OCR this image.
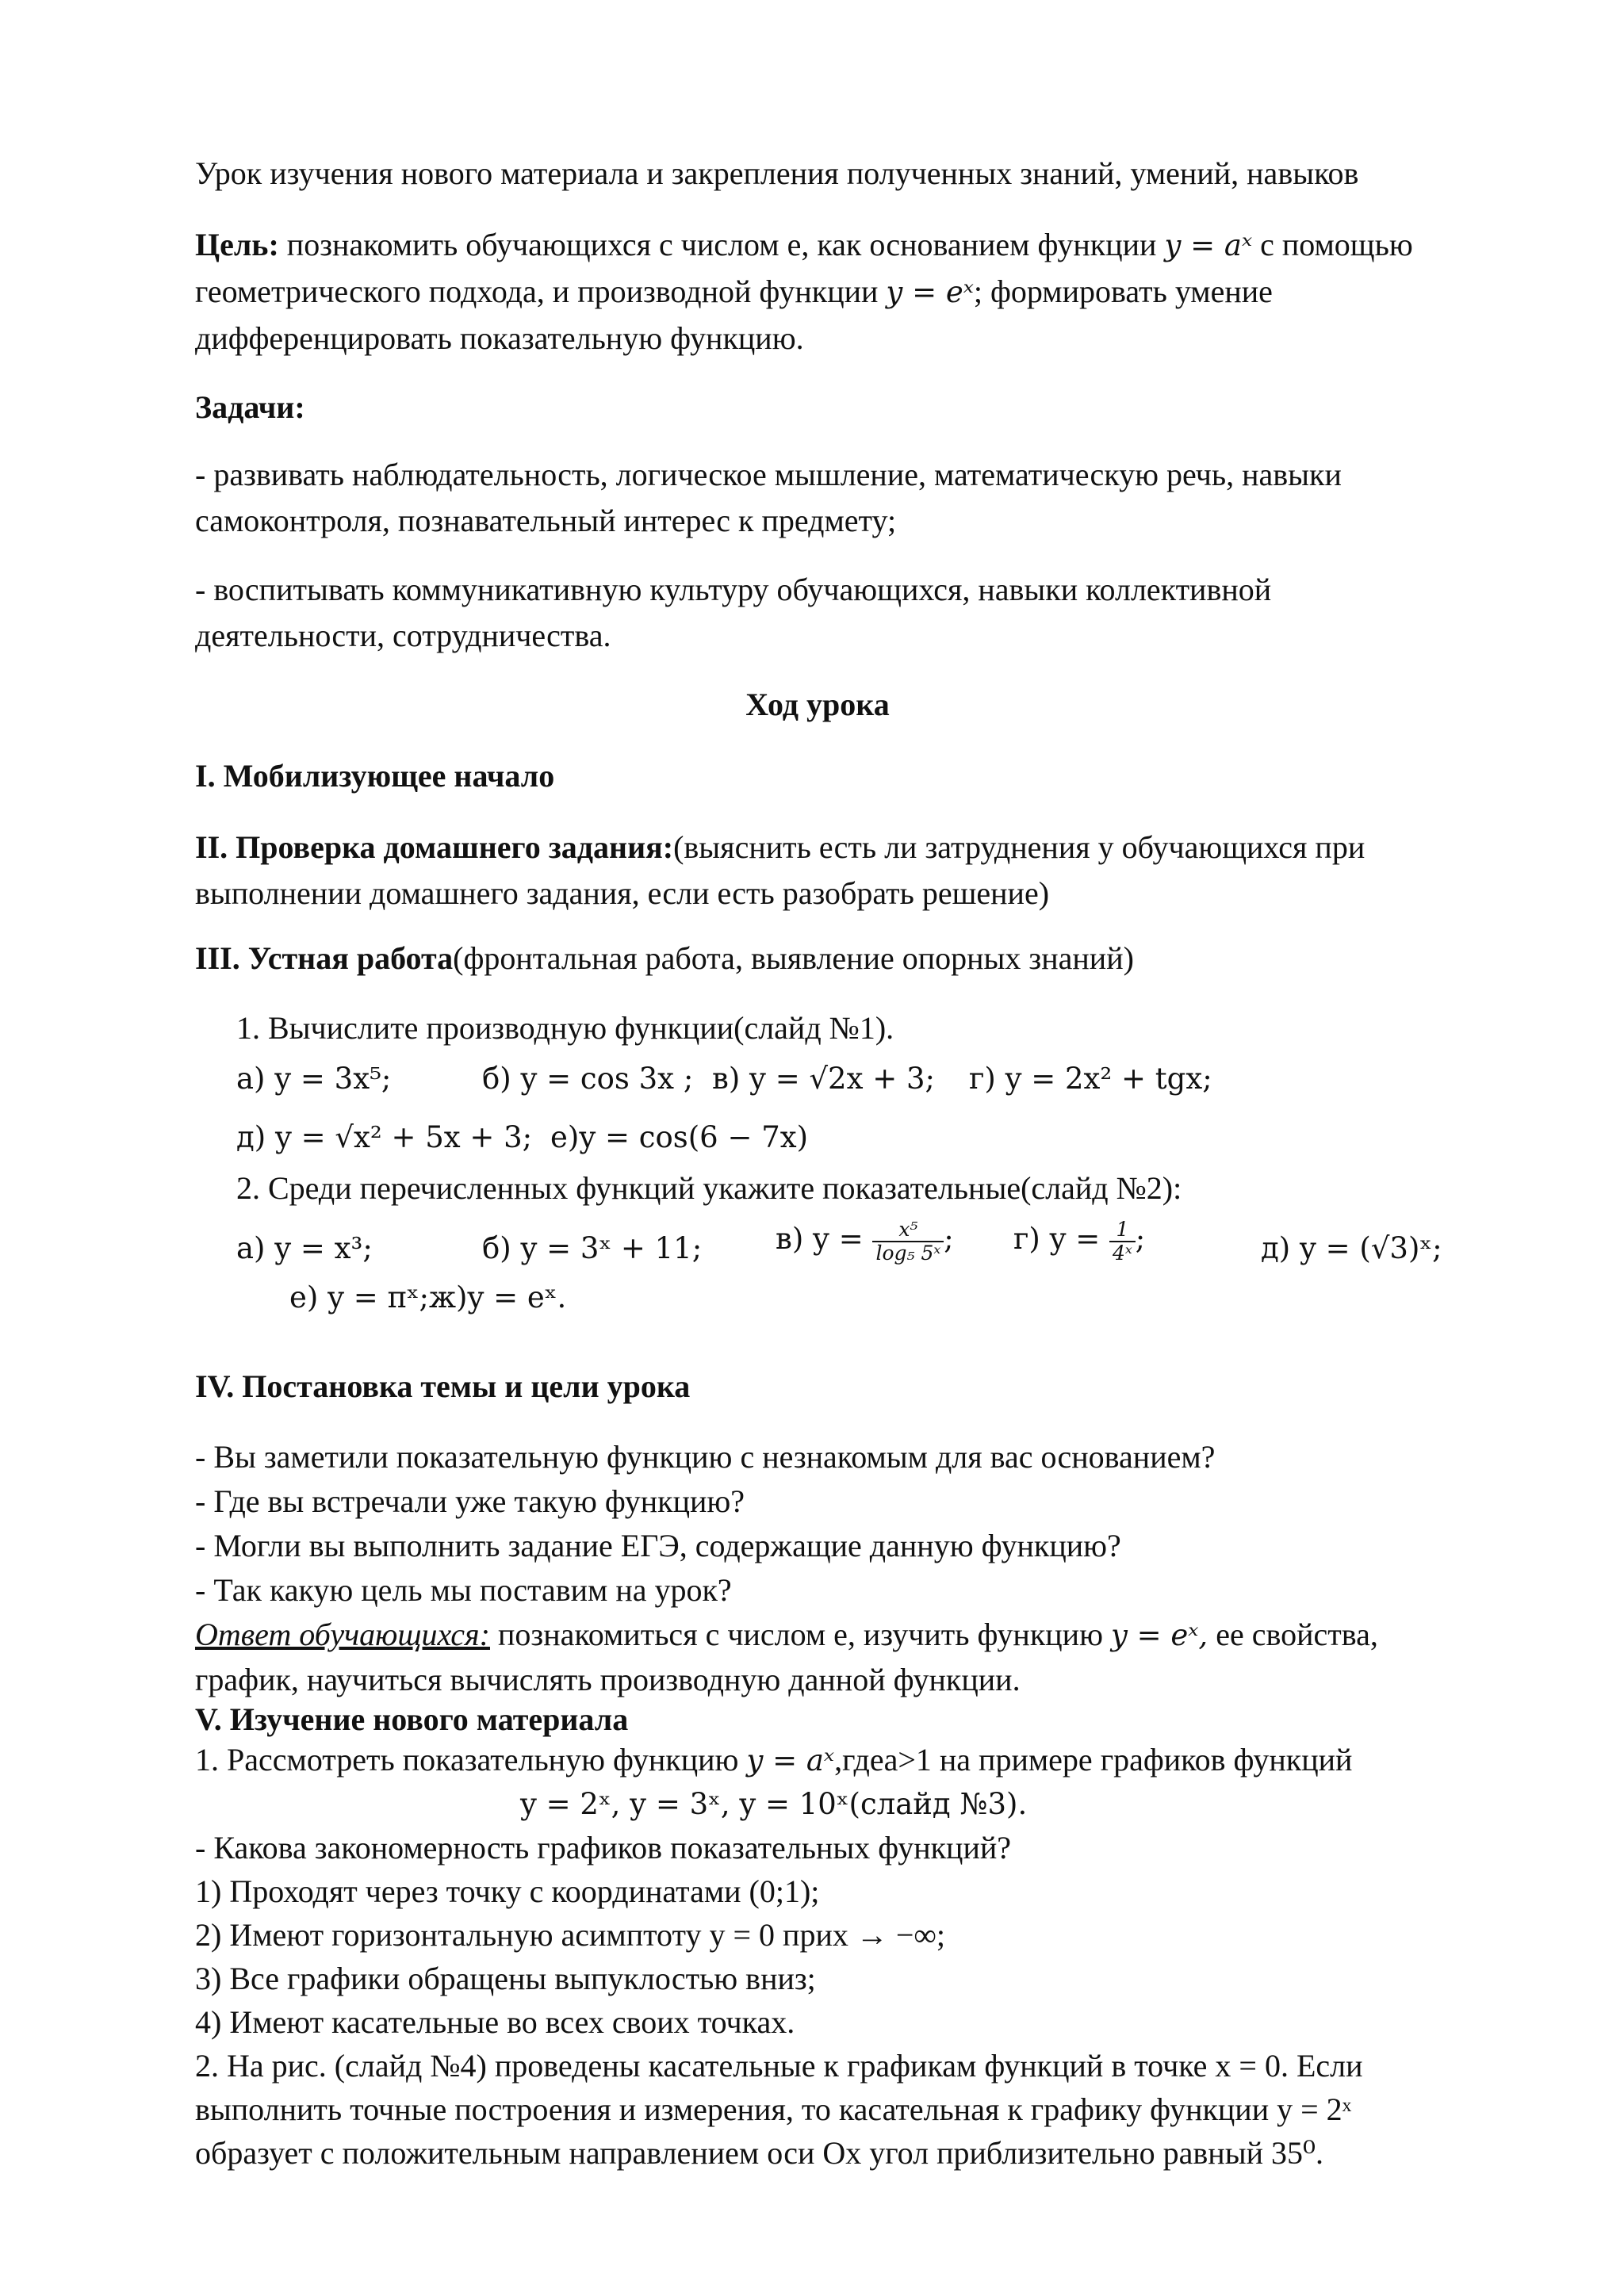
Урок изучения нового материала и закрепления полученных знаний, умений, навыков
Цель: познакомить обучающихся с числом е, как основанием функции y = aˣ с помощью
геометрического подхода, и производной функции y = eˣ; формировать умение
дифференцировать показательную функцию.
Задачи:
- развивать наблюдательность, логическое мышление, математическую речь, навыки
самоконтроля, познавательный интерес к предмету;
- воспитывать коммуникативную культуру обучающихся, навыки коллективной
деятельности, сотрудничества.
Ход урока
I. Мобилизующее начало
II. Проверка домашнего задания:(выяснить есть ли затруднения у обучающихся при
выполнении домашнего задания, если есть разобрать решение)
III. Устная работа(фронтальная работа, выявление опорных знаний)
1. Вычислите производную функции(слайд №1).
а) y = 3x⁵;	б) y = cos 3x ; в) y = √2x + 3; г) y = 2x² + tgx;
д) y = √x² + 5x + 3; е)y = cos(6 − 7x)
2. Среди перечисленных функций укажите показательные(слайд №2):
а) y = x³;	б) y = 3ˣ + 11;	в) $y = \frac{\text{x⁵}}{\text{log₅ 5ˣ}}$ ; г) $y = \frac{1}{\text{4ˣ}}$ ;	д) y = (√3)ˣ;
е) y = πˣ;ж)y = eˣ.
IV. Постановка темы и цели урока
- Вы заметили показательную функцию с незнакомым для вас основанием?
- Где вы встречали уже такую функцию?
- Могли вы выполнить задание ЕГЭ, содержащие данную функцию?
- Так какую цель мы поставим на урок?
Ответ обучающихся: познакомиться с числом e, изучить функцию y = eˣ, ее свойства,
график, научиться вычислять производную данной функции.
V. Изучение нового материала
1. Рассмотреть показательную функцию y = aˣ,гдеa>1 на примере графиков функций
y = 2ˣ, y = 3ˣ, y = 10ˣ(слайд №3).
- Какова закономерность графиков показательных функций?
1) Проходят через точку с координатами (0;1);
2) Имеют горизонтальную асимптоту y = 0 приx → −∞;
3) Все графики обращены выпуклостью вниз;
4) Имеют касательные во всех своих точках.
2. На рис. (слайд №4) проведены касательные к графикам функций в точке x = 0. Если
выполнить точные построения и измерения, то касательная к графику функции y = 2ˣ
образует с положительным направлением оси Ox угол приблизительно равный 35⁰.
